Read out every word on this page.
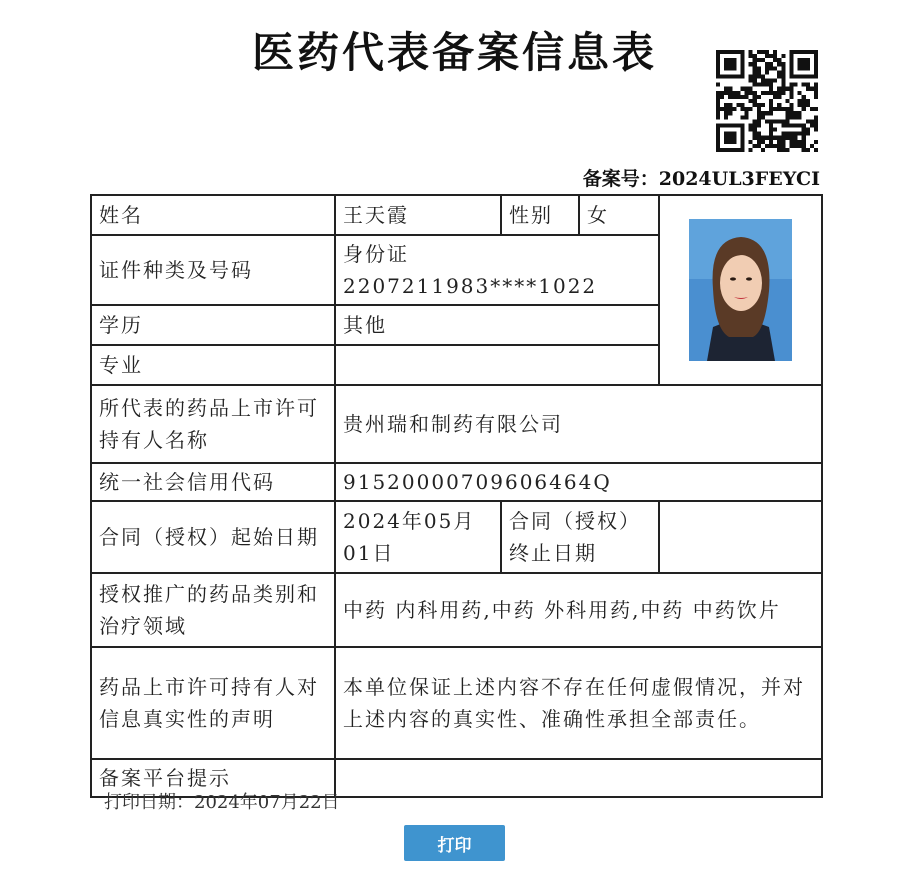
医药代表备案信息表
备案号：2024UL3FEYCI
姓名	王天霞	性别	女	
证件种类及号码	身份证 2207211983****1022			
学历	其他			
专业				
所代表的药品上市许可持有人名称	贵州瑞和制药有限公司			
统一社会信用代码	91520000709606464Q			
合同（授权）起始日期	2024年05月01日	合同（授权）终止日期		
授权推广的药品类别和治疗领域	中药 内科用药,中药 外科用药,中药 中药饮片			
药品上市许可持有人对信息真实性的声明	本单位保证上述内容不存在任何虚假情况，并对上述内容的真实性、准确性承担全部责任。			
备案平台提示				
打印日期：2024年07月22日
打印
